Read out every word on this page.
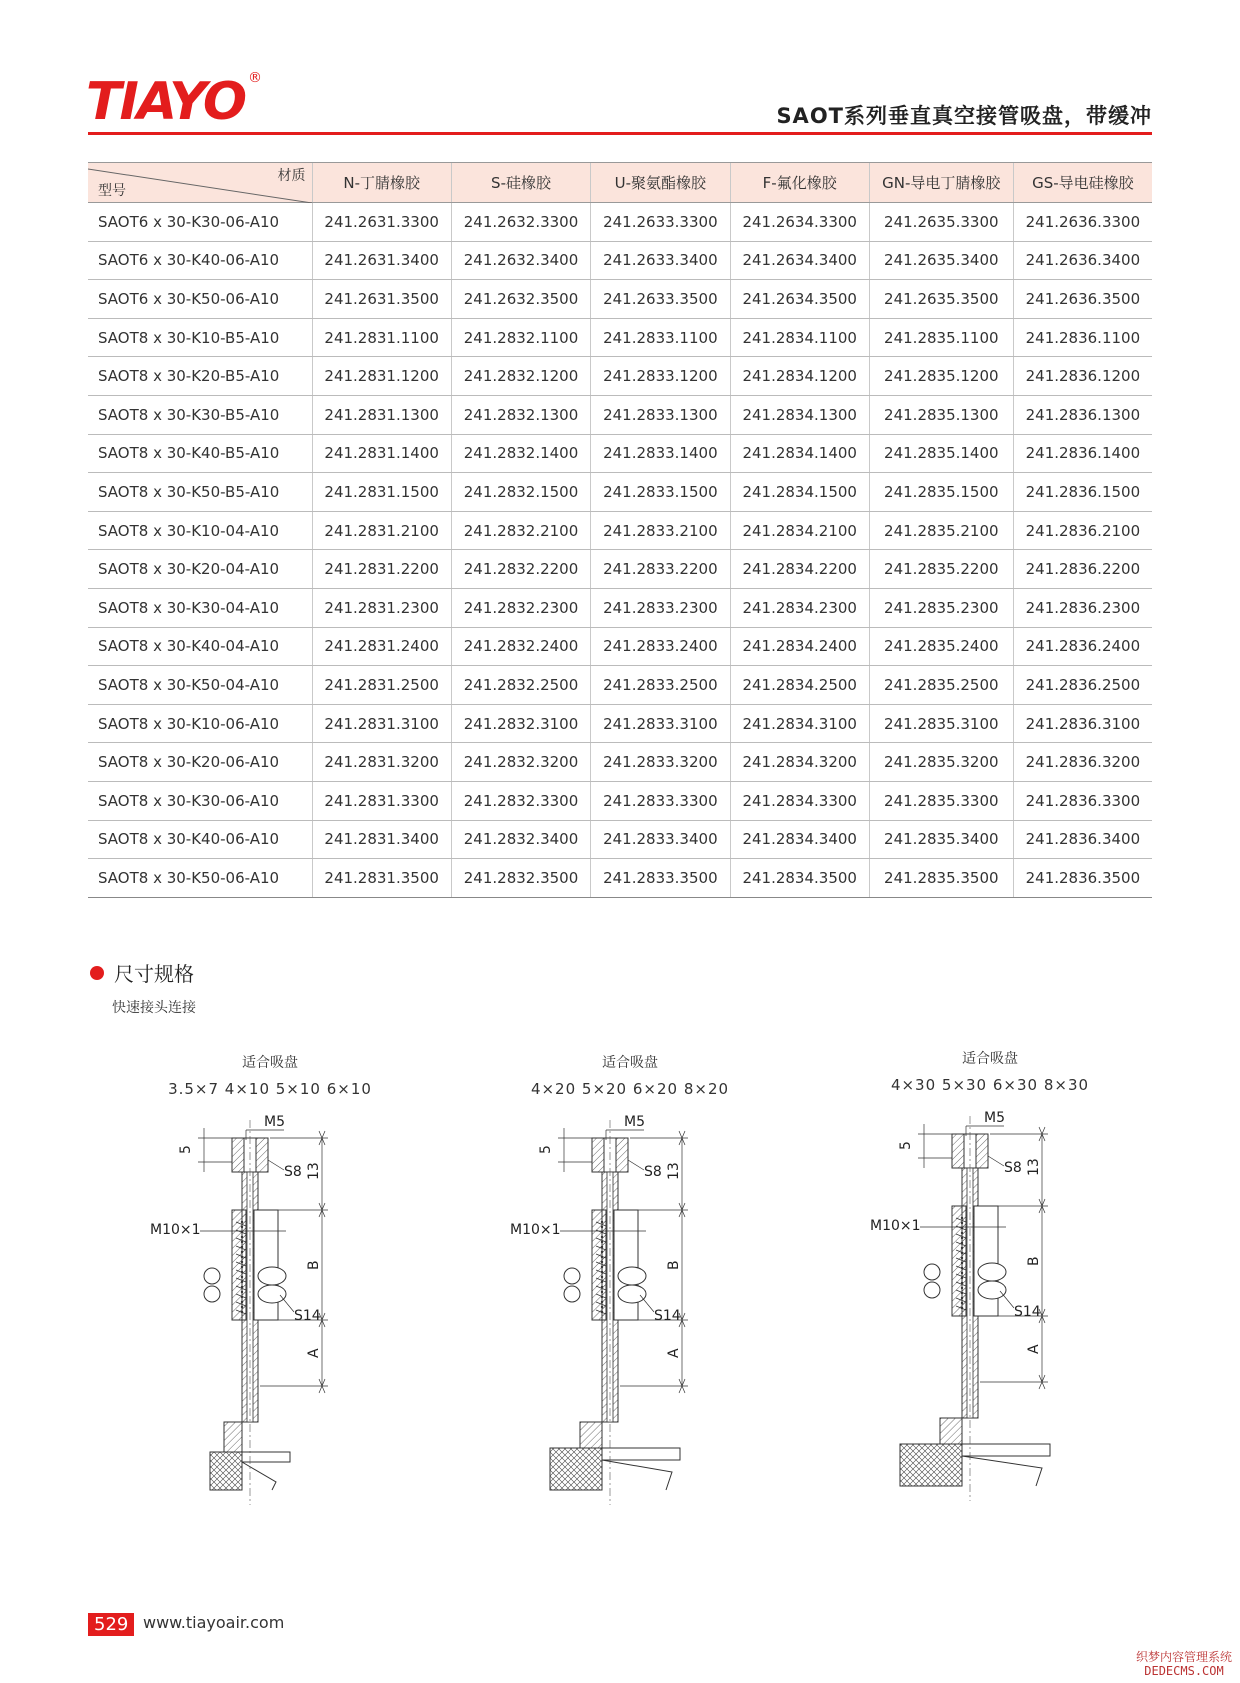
TIAYO ®
SAOT系列垂直真空接管吸盘，带缓冲
材质
型号	N-丁腈橡胶	S-硅橡胶	U-聚氨酯橡胶	F-氟化橡胶	GN-导电丁腈橡胶	GS-导电硅橡胶
SAOT6 x 30-K30-06-A10	241.2631.3300	241.2632.3300	241.2633.3300	241.2634.3300	241.2635.3300	241.2636.3300
SAOT6 x 30-K40-06-A10	241.2631.3400	241.2632.3400	241.2633.3400	241.2634.3400	241.2635.3400	241.2636.3400
SAOT6 x 30-K50-06-A10	241.2631.3500	241.2632.3500	241.2633.3500	241.2634.3500	241.2635.3500	241.2636.3500
SAOT8 x 30-K10-B5-A10	241.2831.1100	241.2832.1100	241.2833.1100	241.2834.1100	241.2835.1100	241.2836.1100
SAOT8 x 30-K20-B5-A10	241.2831.1200	241.2832.1200	241.2833.1200	241.2834.1200	241.2835.1200	241.2836.1200
SAOT8 x 30-K30-B5-A10	241.2831.1300	241.2832.1300	241.2833.1300	241.2834.1300	241.2835.1300	241.2836.1300
SAOT8 x 30-K40-B5-A10	241.2831.1400	241.2832.1400	241.2833.1400	241.2834.1400	241.2835.1400	241.2836.1400
SAOT8 x 30-K50-B5-A10	241.2831.1500	241.2832.1500	241.2833.1500	241.2834.1500	241.2835.1500	241.2836.1500
SAOT8 x 30-K10-04-A10	241.2831.2100	241.2832.2100	241.2833.2100	241.2834.2100	241.2835.2100	241.2836.2100
SAOT8 x 30-K20-04-A10	241.2831.2200	241.2832.2200	241.2833.2200	241.2834.2200	241.2835.2200	241.2836.2200
SAOT8 x 30-K30-04-A10	241.2831.2300	241.2832.2300	241.2833.2300	241.2834.2300	241.2835.2300	241.2836.2300
SAOT8 x 30-K40-04-A10	241.2831.2400	241.2832.2400	241.2833.2400	241.2834.2400	241.2835.2400	241.2836.2400
SAOT8 x 30-K50-04-A10	241.2831.2500	241.2832.2500	241.2833.2500	241.2834.2500	241.2835.2500	241.2836.2500
SAOT8 x 30-K10-06-A10	241.2831.3100	241.2832.3100	241.2833.3100	241.2834.3100	241.2835.3100	241.2836.3100
SAOT8 x 30-K20-06-A10	241.2831.3200	241.2832.3200	241.2833.3200	241.2834.3200	241.2835.3200	241.2836.3200
SAOT8 x 30-K30-06-A10	241.2831.3300	241.2832.3300	241.2833.3300	241.2834.3300	241.2835.3300	241.2836.3300
SAOT8 x 30-K40-06-A10	241.2831.3400	241.2832.3400	241.2833.3400	241.2834.3400	241.2835.3400	241.2836.3400
SAOT8 x 30-K50-06-A10	241.2831.3500	241.2832.3500	241.2833.3500	241.2834.3500	241.2835.3500	241.2836.3500
尺寸规格
快速接头连接
适合吸盘
3.5×7 4×10 5×10 6×10
M5
5
S8 13
M10×1
B
S14
A
适合吸盘
4×20 5×20 6×20 8×20
M5
5
S8 13
M10×1
B
S14
A
适合吸盘
4×30 5×30 6×30 8×30
M5
5
S8 13
M10×1
B
S14
A
529 www.tiayoair.com
织梦内容管理系统
DEDECMS.COM
